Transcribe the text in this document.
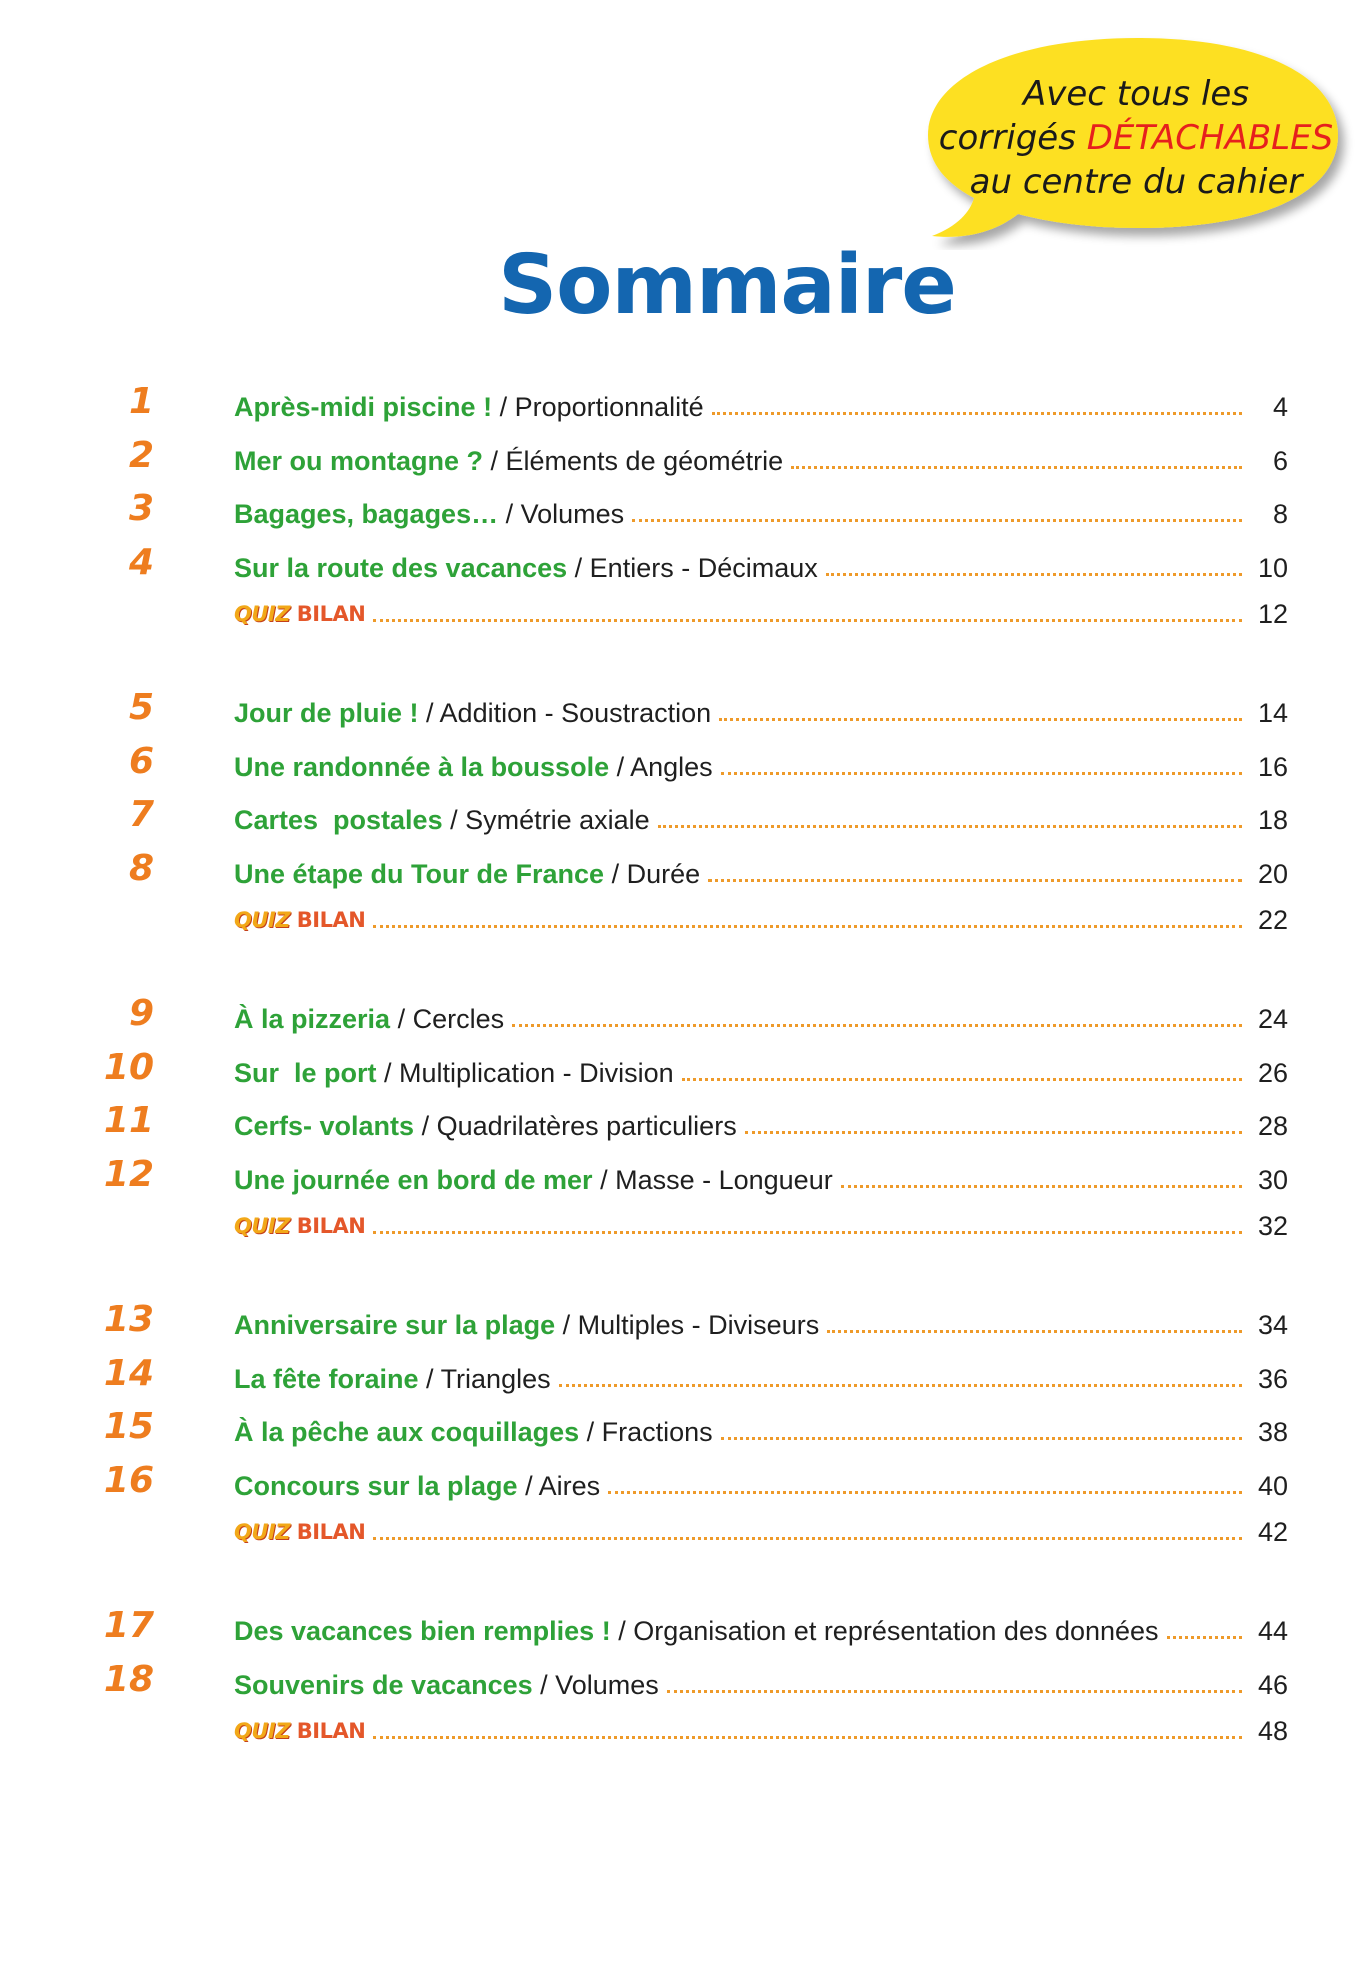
Avec tous les
corrigés DÉTACHABLES
au centre du cahier
Sommaire
1	Après-midi piscine ! / Proportionnalité	4
2	Mer ou montagne ? / Éléments de géométrie	6
3	Bagages, bagages… / Volumes	8
4	Sur la route des vacances / Entiers - Décimaux	10
QUIZ BILAN	12
5	Jour de pluie ! / Addition - Soustraction	14
6	Une randonnée à la boussole / Angles	16
7	Cartes  postales / Symétrie axiale	18
8	Une étape du Tour de France / Durée	20
QUIZ BILAN	22
9	À la pizzeria / Cercles	24
10	Sur  le port / Multiplication - Division	26
11	Cerfs- volants / Quadrilatères particuliers	28
12	Une journée en bord de mer / Masse - Longueur	30
QUIZ BILAN	32
13	Anniversaire sur la plage / Multiples - Diviseurs	34
14	La fête foraine / Triangles	36
15	À la pêche aux coquillages / Fractions	38
16	Concours sur la plage / Aires	40
QUIZ BILAN	42
17	Des vacances bien remplies ! / Organisation et représentation des données	44
18	Souvenirs de vacances / Volumes	46
QUIZ BILAN	48
